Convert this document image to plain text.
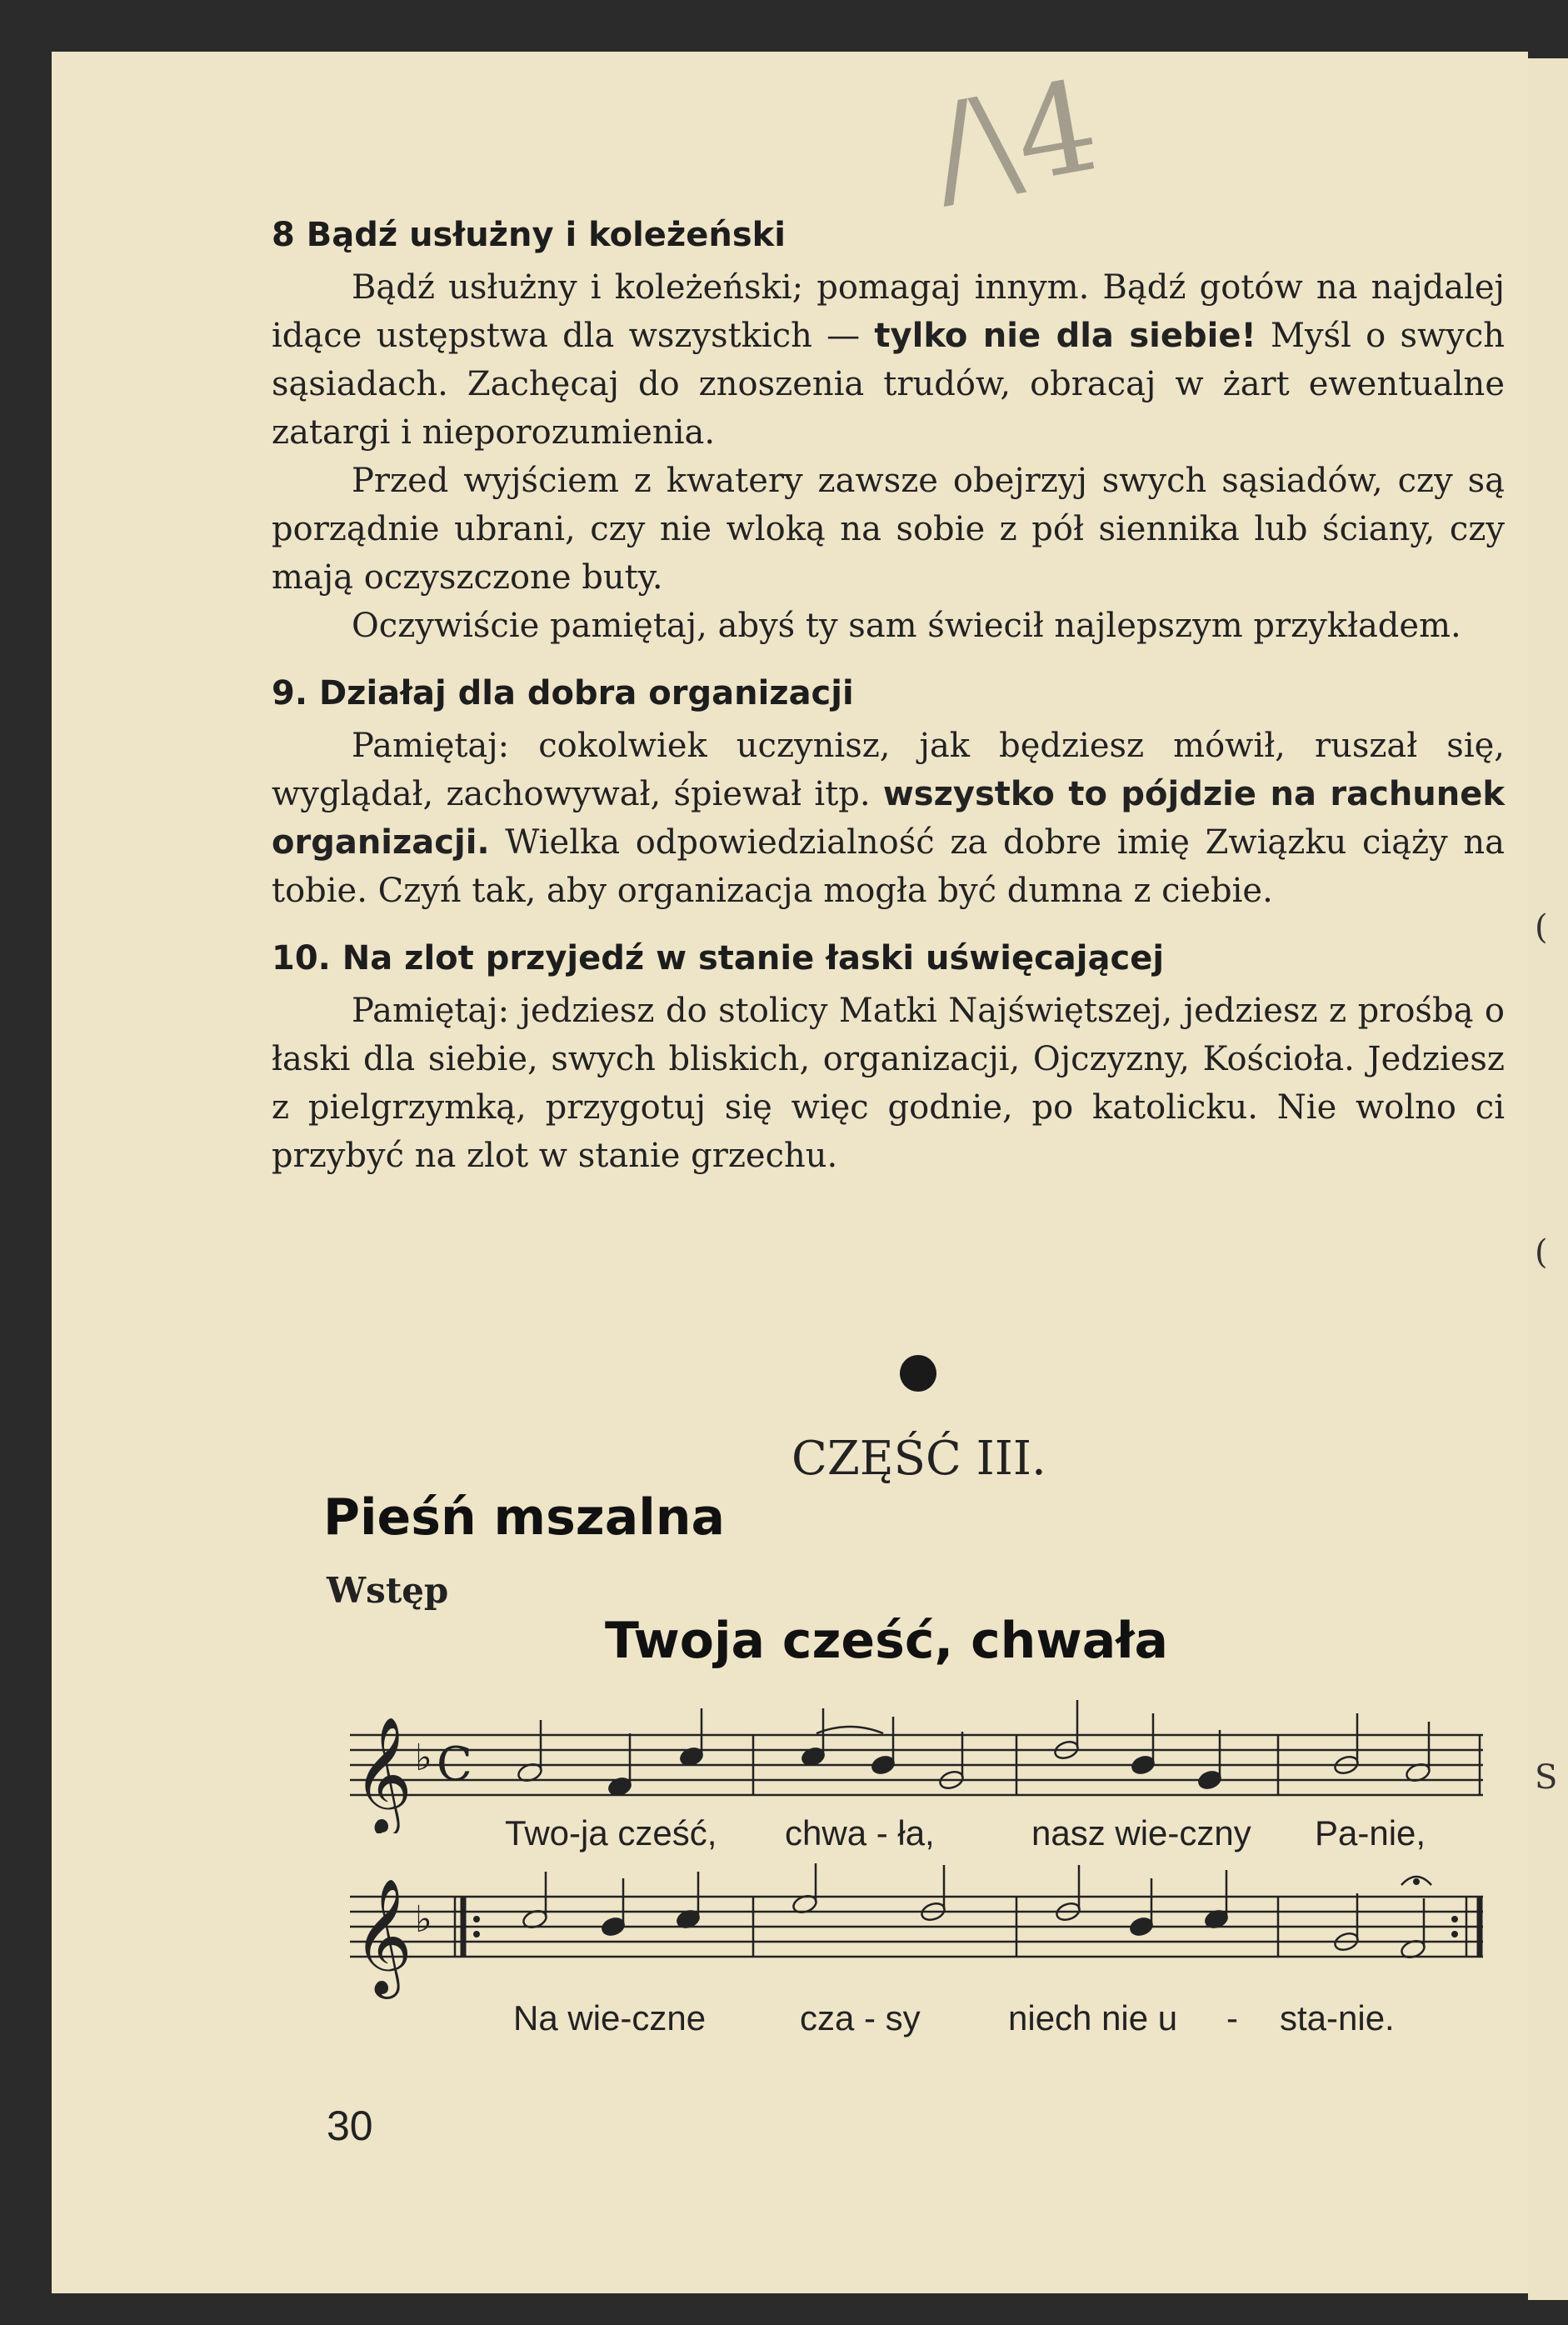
(
(
S
/\4
8 Bądź usłużny i koleżeński

Bądź usłużny i koleżeński; pomagaj innym. Bądź gotów na najdalej idące ustępstwa dla wszystkich — tylko nie dla siebie! Myśl o swych sąsiadach. Zachęcaj do znoszenia trudów, obracaj w żart ewentualne zatargi i nieporozumienia.

Przed wyjściem z kwatery zawsze obejrzyj swych sąsiadów, czy są porządnie ubrani, czy nie wloką na sobie z pół siennika lub ściany, czy mają oczyszczone buty.

Oczywiście pamiętaj, abyś ty sam świecił najlepszym przykładem.

9. Działaj dla dobra organizacji

Pamiętaj: cokolwiek uczynisz, jak będziesz mówił, ruszał się, wyglądał, zachowywał, śpiewał itp. wszystko to pójdzie na rachunek organizacji. Wielka odpowiedzialność za dobre imię Związku ciąży na tobie. Czyń tak, aby organizacja mogła być dumna z ciebie.

10. Na zlot przyjedź w stanie łaski uświęcającej

Pamiętaj: jedziesz do stolicy Matki Najświętszej, jedziesz z prośbą o łaski dla siebie, swych bliskich, organizacji, Ojczyzny, Kościoła. Jedziesz z pielgrzymką, przygotuj się więc godnie, po katolicku. Nie wolno ci przybyć na zlot w stanie grzechu.

CZĘŚĆ III.
Pieśń mszalna
Wstęp
Twoja cześć, chwała
𝄞 ♭ C
Two-ja cześć, chwa - ła,	nasz wie-czny Pa-nie,
𝄞 ♭
Na wie-czne	cza - sy	niech nie u - sta-nie.
30
